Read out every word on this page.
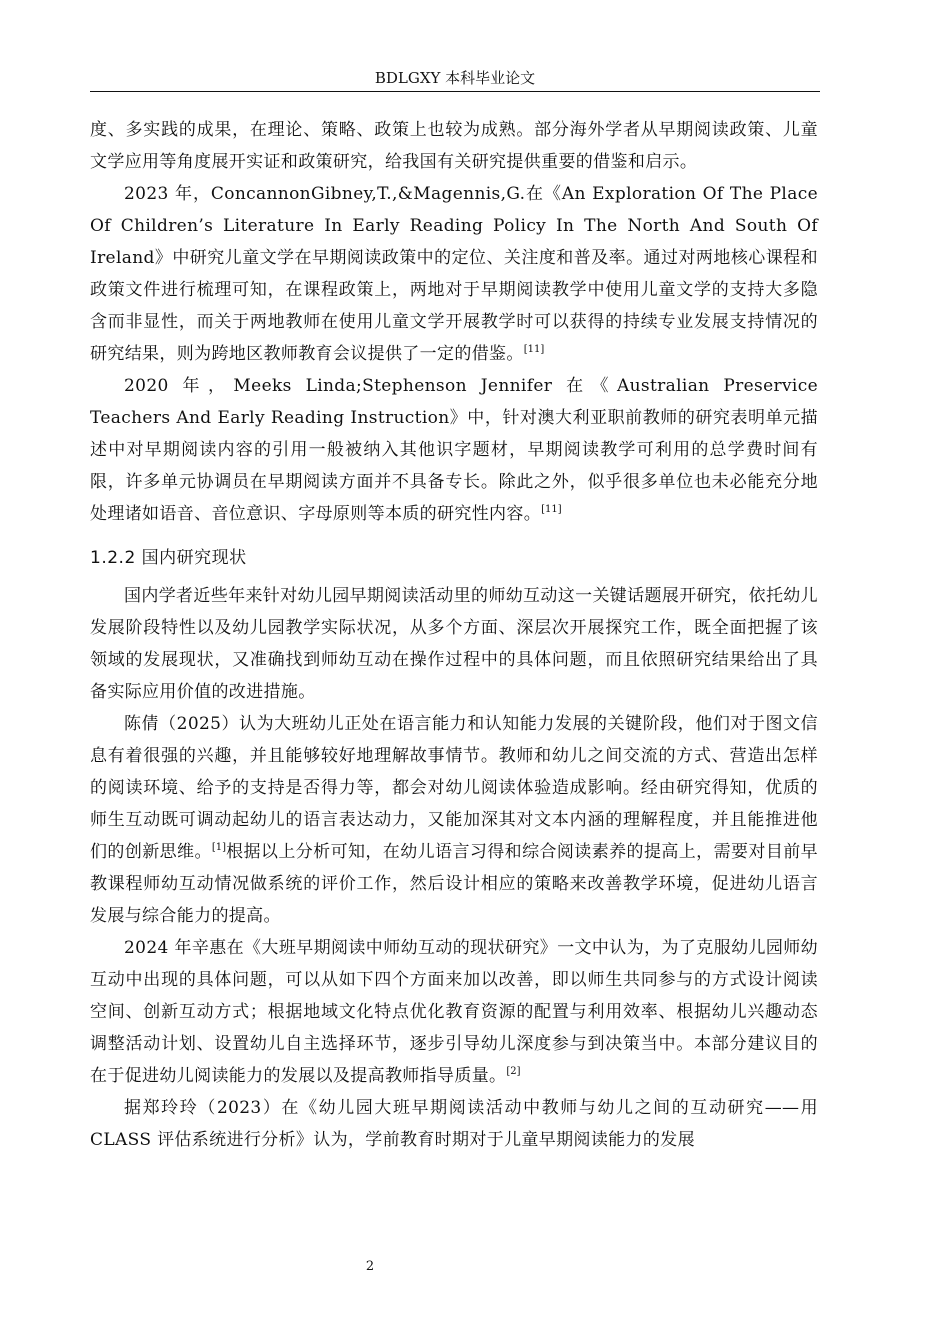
BDLGXY 本科毕业论文

度、多实践的成果，在理论、策略、政策上也较为成熟。部分海外学者从早期阅读政策、儿童文学应用等角度展开实证和政策研究，给我国有关研究提供重要的借鉴和启示。

2023 年，ConcannonGibney,T.,&Magennis,G.在《An Exploration Of The Place Of Children’s Literature In Early Reading Policy In The North And South Of Ireland》中研究儿童文学在早期阅读政策中的定位、关注度和普及率。通过对两地核心课程和政策文件进行梳理可知，在课程政策上，两地对于早期阅读教学中使用儿童文学的支持大多隐含而非显性，而关于两地教师在使用儿童文学开展教学时可以获得的持续专业发展支持情况的研究结果，则为跨地区教师教育会议提供了一定的借鉴。[11]

2020 年，Meeks Linda;Stephenson Jennifer 在《Australian Preservice Teachers And Early Reading Instruction》中，针对澳大利亚职前教师的研究表明单元描述中对早期阅读内容的引用一般被纳入其他识字题材，早期阅读教学可利用的总学费时间有限，许多单元协调员在早期阅读方面并不具备专长。除此之外，似乎很多单位也未必能充分地处理诸如语音、音位意识、字母原则等本质的研究性内容。[11]

1.2.2 国内研究现状

国内学者近些年来针对幼儿园早期阅读活动里的师幼互动这一关键话题展开研究，依托幼儿发展阶段特性以及幼儿园教学实际状况，从多个方面、深层次开展探究工作，既全面把握了该领域的发展现状，又准确找到师幼互动在操作过程中的具体问题，而且依照研究结果给出了具备实际应用价值的改进措施。

陈倩（2025）认为大班幼儿正处在语言能力和认知能力发展的关键阶段，他们对于图文信息有着很强的兴趣，并且能够较好地理解故事情节。教师和幼儿之间交流的方式、营造出怎样的阅读环境、给予的支持是否得力等，都会对幼儿阅读体验造成影响。经由研究得知，优质的师生互动既可调动起幼儿的语言表达动力，又能加深其对文本内涵的理解程度，并且能推进他们的创新思维。[1]根据以上分析可知，在幼儿语言习得和综合阅读素养的提高上，需要对目前早教课程师幼互动情况做系统的评价工作，然后设计相应的策略来改善教学环境，促进幼儿语言发展与综合能力的提高。

2024 年辛惠在《大班早期阅读中师幼互动的现状研究》一文中认为，为了克服幼儿园师幼互动中出现的具体问题，可以从如下四个方面来加以改善，即以师生共同参与的方式设计阅读空间、创新互动方式；根据地域文化特点优化教育资源的配置与利用效率、根据幼儿兴趣动态调整活动计划、设置幼儿自主选择环节，逐步引导幼儿深度参与到决策当中。本部分建议目的在于促进幼儿阅读能力的发展以及提高教师指导质量。[2]

据郑玲玲（2023）在《幼儿园大班早期阅读活动中教师与幼儿之间的互动研究——用 CLASS 评估系统进行分析》认为，学前教育时期对于儿童早期阅读能力的发展

2
